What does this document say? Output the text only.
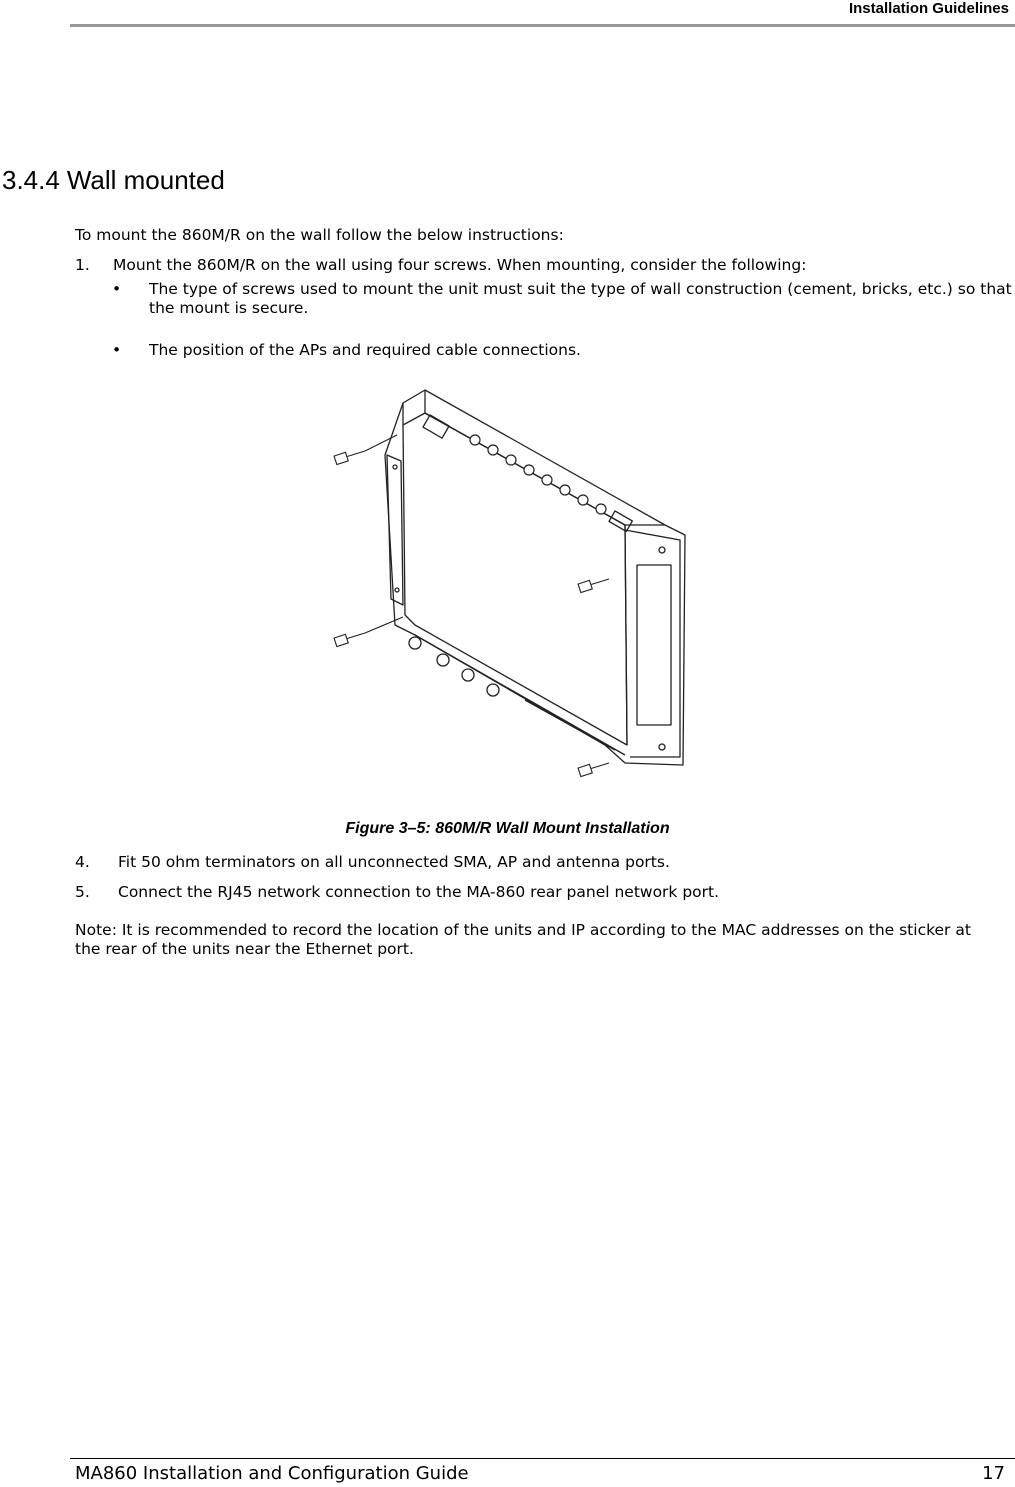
Installation Guidelines
3.4.4 Wall mounted
To mount the 860M/R on the wall follow the below instructions:
1. Mount the 860M/R on the wall using four screws. When mounting, consider the following:
• The type of screws used to mount the unit must suit the type of wall construction (cement, bricks, etc.) so that the mount is secure.
• The position of the APs and required cable connections.
Figure 3–5: 860M/R Wall Mount Installation
4. Fit 50 ohm terminators on all unconnected SMA, AP and antenna ports.
5. Connect the RJ45 network connection to the MA-860 rear panel network port.
Note: It is recommended to record the location of the units and IP according to the MAC addresses on the sticker at the rear of the units near the Ethernet port.
MA860 Installation and Configuration Guide	17
